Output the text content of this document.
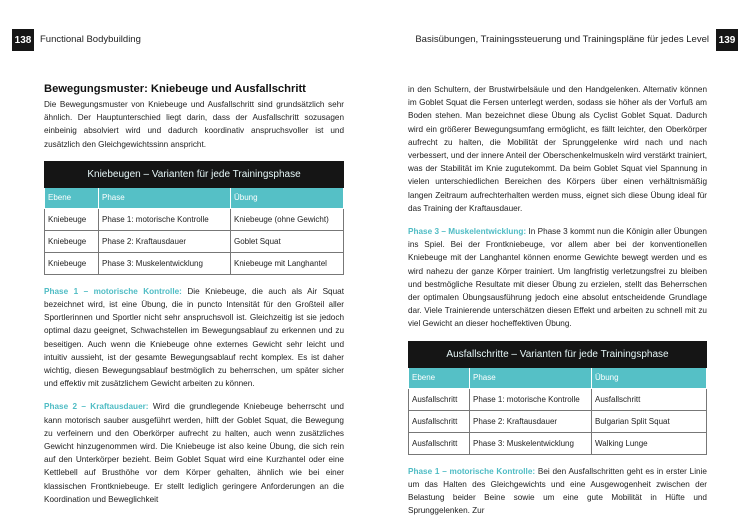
138 Functional Bodybuilding	Basisübungen, Trainingssteuerung und Trainingspläne für jedes Level 139
Bewegungsmuster: Kniebeuge und Ausfallschritt

Die Bewegungsmuster von Kniebeuge und Ausfallschritt sind grundsätzlich sehr ähnlich. Der Hauptunterschied liegt darin, dass der Ausfallschritt sozusagen einbeinig absolviert wird und dadurch koordinativ anspruchsvoller ist und zusätzlich den Gleichgewichtssinn anspricht.

Kniebeugen – Varianten für jede Trainingsphase		
Ebene	Phase	Übung
Kniebeuge	Phase 1: motorische Kontrolle	Kniebeuge (ohne Gewicht)
Kniebeuge	Phase 2: Kraftausdauer	Goblet Squat
Kniebeuge	Phase 3: Muskelentwicklung	Kniebeuge mit Langhantel

Phase 1 – motorische Kontrolle: Die Kniebeuge, die auch als Air Squat bezeichnet wird, ist eine Übung, die in puncto Intensität für den Großteil aller Sportlerinnen und Sportler nicht sehr anspruchsvoll ist. Gleichzeitig ist sie jedoch optimal dazu geeignet, Schwachstellen im Bewegungsablauf zu erkennen und zu beseitigen. Auch wenn die Kniebeuge ohne externes Gewicht sehr leicht und intuitiv aussieht, ist der gesamte Bewegungsablauf recht komplex. Es ist daher wichtig, diesen Bewegungsablauf bestmöglich zu beherrschen, um später sicher und effektiv mit zusätzlichem Gewicht arbeiten zu können.

Phase 2 – Kraftausdauer: Wird die grundlegende Kniebeuge beherrscht und kann motorisch sauber ausgeführt werden, hilft der Goblet Squat, die Bewegung zu verfeinern und den Oberkörper aufrecht zu halten, auch wenn zusätzliches Gewicht hinzugenommen wird. Die Kniebeuge ist also keine Übung, die sich rein auf den Unterkörper bezieht. Beim Goblet Squat wird eine Kurzhantel oder eine Kettlebell auf Brusthöhe vor dem Körper gehalten, ähnlich wie bei einer klassischen Frontkniebeuge. Er stellt lediglich geringere Anforderungen an die Koordination und Beweglichkeit

in den Schultern, der Brustwirbelsäule und den Handgelenken. Alternativ können im Goblet Squat die Fersen unterlegt werden, sodass sie höher als der Vorfuß am Boden stehen. Man bezeichnet diese Übung als Cyclist Goblet Squat. Dadurch wird ein größerer Bewegungsumfang ermöglicht, es fällt leichter, den Oberkörper aufrecht zu halten, die Mobilität der Sprunggelenke wird nach und nach verbessert, und der innere Anteil der Oberschenkelmuskeln wird verstärkt trainiert, was der Stabilität im Knie zugutekommt. Da beim Goblet Squat viel Spannung in vielen unterschiedlichen Bereichen des Körpers über einen verhältnismäßig langen Zeitraum aufrechterhalten werden muss, eignet sich diese Übung ideal für das Training der Kraftausdauer.

Phase 3 – Muskelentwicklung: In Phase 3 kommt nun die Königin aller Übungen ins Spiel. Bei der Frontkniebeuge, vor allem aber bei der konventionellen Kniebeuge mit der Langhantel können enorme Gewichte bewegt werden und es wird nahezu der ganze Körper trainiert. Um langfristig verletzungsfrei zu bleiben und bestmögliche Resultate mit dieser Übung zu erzielen, stellt das Beherrschen der optimalen Übungsausführung jedoch eine absolut entscheidende Grundlage dar. Viele Trainierende unterschätzen diesen Effekt und arbeiten zu schnell mit zu viel Gewicht an dieser hocheffektiven Übung.

Ausfallschritte – Varianten für jede Trainingsphase		
Ebene	Phase	Übung
Ausfallschritt	Phase 1: motorische Kontrolle	Ausfallschritt
Ausfallschritt	Phase 2: Kraftausdauer	Bulgarian Split Squat
Ausfallschritt	Phase 3: Muskelentwicklung	Walking Lunge

Phase 1 – motorische Kontrolle: Bei den Ausfallschritten geht es in erster Linie um das Halten des Gleichgewichts und eine Ausgewogenheit zwischen der Belastung beider Beine sowie um eine gute Mobilität in Hüfte und Sprunggelenken. Zur
